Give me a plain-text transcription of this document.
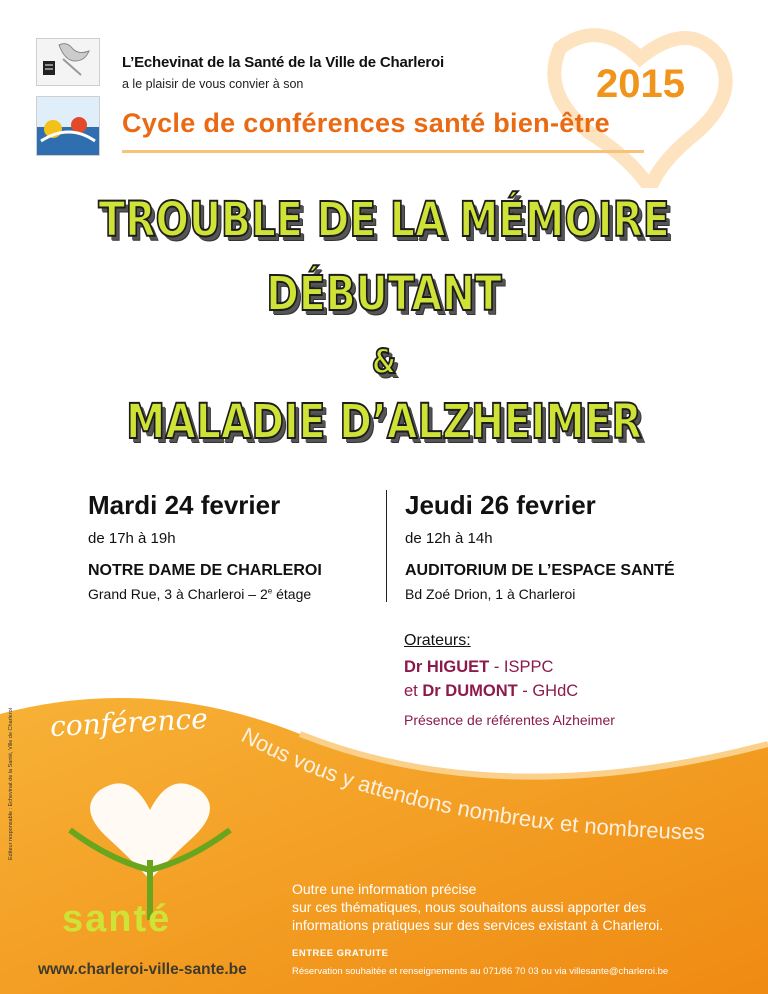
L’Echevinat de la Santé de la Ville de Charleroi
a le plaisir de vous convier à son	2015
Cycle de conférences santé bien-être
TROUBLE DE LA MÉMOIRE
DÉBUTANT
&
MALADIE D’ALZHEIMER
Mardi 24 fevrier
de 17h à 19h
NOTRE DAME DE CHARLEROI
Grand Rue, 3 à Charleroi – 2e étage
Jeudi 26 fevrier
de 12h à 14h
AUDITORIUM DE L’ESPACE SANTÉ
Bd Zoé Drion, 1 à Charleroi
Orateurs:
Dr HIGUET - ISPPC
et Dr DUMONT - GHdC
Présence de référentes Alzheimer
conférence Nous vous y attendons nombreux et nombreuses
santé
Editeur responsable : Echevinat de la Santé, Ville de Charleroi
Outre une information précise
sur ces thématiques, nous souhaitons aussi apporter des
informations pratiques sur des services existant à Charleroi.
ENTREE GRATUITE
Réservation souhaitée et renseignements au 071/86 70 03 ou via villesante@charleroi.be
www.charleroi-ville-sante.be
